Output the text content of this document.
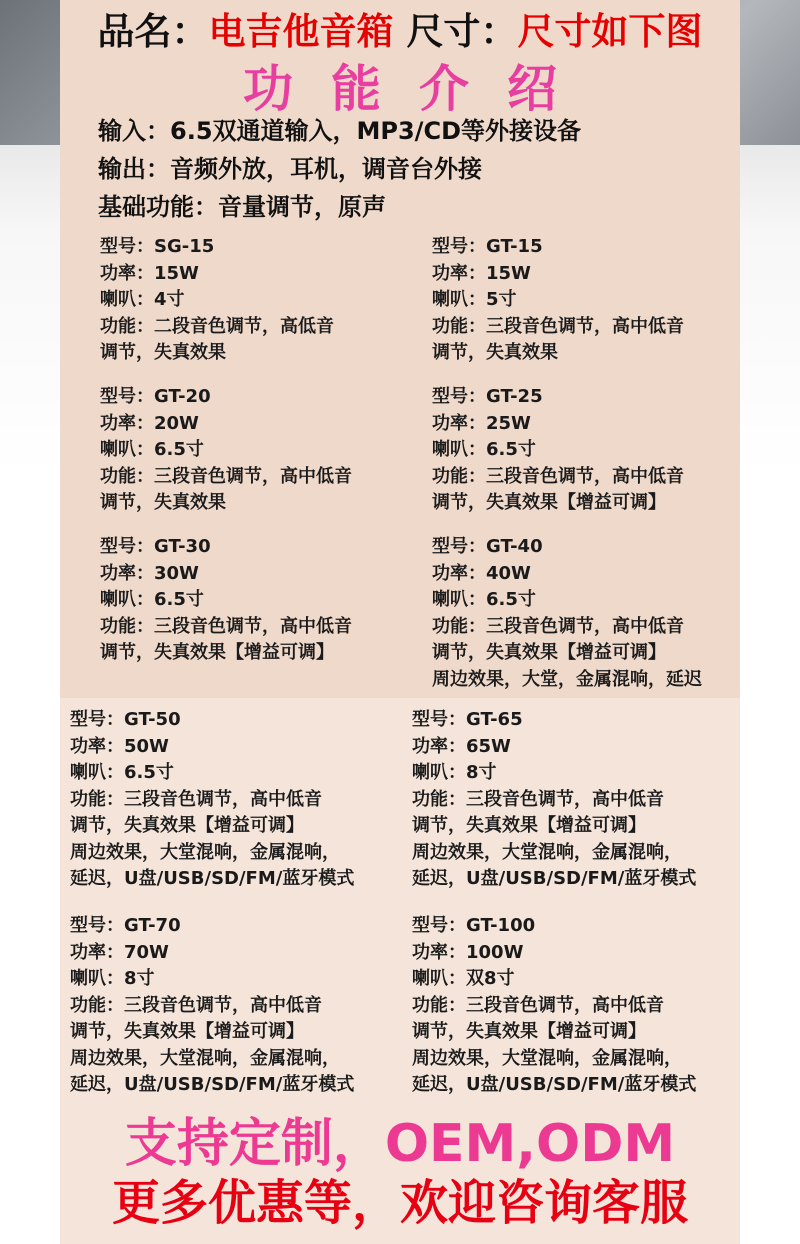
品名：电吉他音箱 尺寸：尺寸如下图
功能介绍
输入：6.5双通道输入，MP3/CD等外接设备
输出：音频外放，耳机，调音台外接
基础功能：音量调节，原声
型号：SG-15
功率：15W
喇叭：4寸
功能：二段音色调节，高低音
调节，失真效果
型号：GT-15
功率：15W
喇叭：5寸
功能：三段音色调节，高中低音
调节，失真效果
型号：GT-20
功率：20W
喇叭：6.5寸
功能：三段音色调节，高中低音
调节，失真效果
型号：GT-25
功率：25W
喇叭：6.5寸
功能：三段音色调节，高中低音
调节，失真效果【增益可调】
型号：GT-30
功率：30W
喇叭：6.5寸
功能：三段音色调节，高中低音
调节，失真效果【增益可调】
型号：GT-40
功率：40W
喇叭：6.5寸
功能：三段音色调节，高中低音
调节，失真效果【增益可调】
周边效果，大堂，金属混响，延迟
型号：GT-50
功率：50W
喇叭：6.5寸
功能：三段音色调节，高中低音
调节，失真效果【增益可调】
周边效果，大堂混响，金属混响，
延迟，U盘/USB/SD/FM/蓝牙模式
型号：GT-65
功率：65W
喇叭：8寸
功能：三段音色调节，高中低音
调节，失真效果【增益可调】
周边效果，大堂混响，金属混响，
延迟，U盘/USB/SD/FM/蓝牙模式
型号：GT-70
功率：70W
喇叭：8寸
功能：三段音色调节，高中低音
调节，失真效果【增益可调】
周边效果，大堂混响，金属混响，
延迟，U盘/USB/SD/FM/蓝牙模式
型号：GT-100
功率：100W
喇叭：双8寸
功能：三段音色调节，高中低音
调节，失真效果【增益可调】
周边效果，大堂混响，金属混响，
延迟，U盘/USB/SD/FM/蓝牙模式
支持定制，OEM,ODM
更多优惠等，欢迎咨询客服
